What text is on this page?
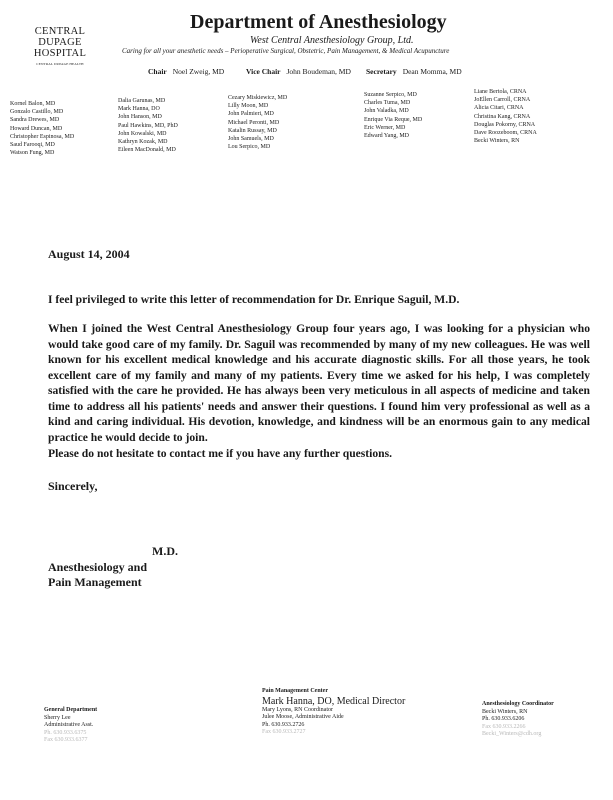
CENTRAL
DUPAGE
HOSPITAL
CENTRAL DUPAGE HEALTH
Department of Anesthesiology
West Central Anesthesiology Group, Ltd.
Caring for all your anesthetic needs – Perioperative Surgical, Obstetric, Pain Management, & Medical Acupuncture
Chair Noel Zweig, MD	Vice Chair John Boudeman, MD Secretary Dean Momma, MD
Kornel Balon, MD
Gonzalo Castillo, MD
Sandra Drewes, MD
Howard Duncan, MD
Christopher Espinosa, MD
Saud Farooqi, MD
Watson Fung, MD
Dalia Garunas, MD
Mark Hanna, DO
John Hanson, MD
Paul Hawkins, MD, PhD
John Kowalski, MD
Kathryn Kozak, MD
Eileen MacDonald, MD
Cezary Miskiewicz, MD
Lilly Moon, MD
John Palmieri, MD
Michael Peronti, MD
Katalin Russay, MD
John Samuels, MD
Lou Serpico, MD
Suzanne Serpico, MD
Charles Tuma, MD
John Valadka, MD
Enrique Via Reque, MD
Eric Werner, MD
Edward Yang, MD
Liane Bertola, CRNA
JoEllen Carroll, CRNA
Alicia Citari, CRNA
Christina Kang, CRNA
Douglas Pokorny, CRNA
Dave Roozeboom, CRNA
Becki Winters, RN
August 14, 2004
I feel privileged to write this letter of recommendation for Dr. Enrique Saguil, M.D.
When I joined the West Central Anesthesiology Group four years ago, I was looking for a physician who would take good care of my family. Dr. Saguil was recommended by many of my new colleagues. He was well known for his excellent medical knowledge and his accurate diagnostic skills. For all those years, he took excellent care of my family and many of my patients. Every time we asked for his help, I was completely satisfied with the care he provided. He has always been very meticulous in all aspects of medicine and taken time to address all his patients' needs and answer their questions. I found him very professional as well as a kind and caring individual. His devotion, knowledge, and kindness will be an enormous gain to any medical practice he would decide to join.
Please do not hesitate to contact me if you have any further questions.
Sincerely,
M.D.
Anesthesiology and
Pain Management
General Department
Sherry Lee
Administrative Asst.
Ph. 630.933.6375
Fax 630.933.6377
Pain Management Center
Mark Hanna, DO, Medical Director
Mary Lyons, RN Coordinator
Julee Moose, Administrative Aide
Ph. 630.933.2726
Fax 630.933.2727
Anesthesiology Coordinator
Becki Winters, RN
Ph. 630.933.6206
Fax 630.933.2266
Becki_Winters@cdh.org
